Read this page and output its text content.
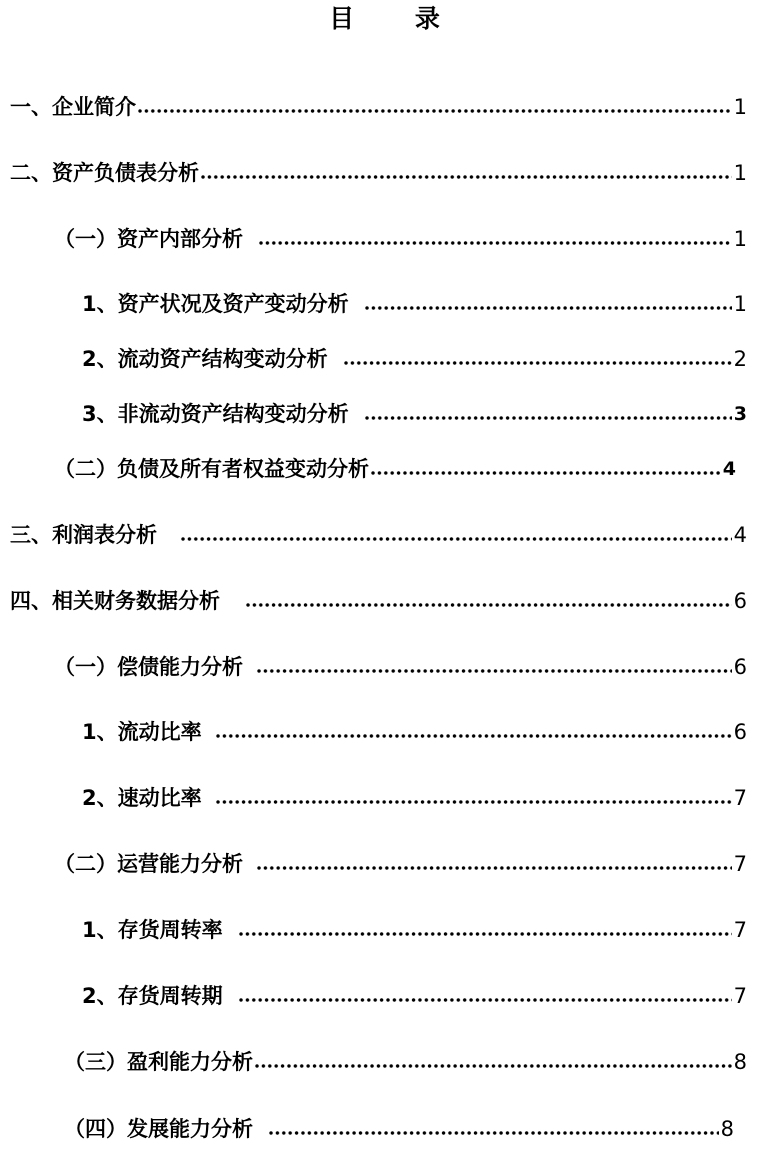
目 录
一、企业简介	1
二、资产负债表分析	1
（一）资产内部分析	1
1、资产状况及资产变动分析	1
2、流动资产结构变动分析	2
3、非流动资产结构变动分析	3
（二）负债及所有者权益变动分析	4
三、利润表分析	4
四、相关财务数据分析	6
（一）偿债能力分析	6
1、流动比率	6
2、速动比率	7
（二）运营能力分析	7
1、存货周转率	7
2、存货周转期	7
（三）盈利能力分析	8
（四）发展能力分析	8
